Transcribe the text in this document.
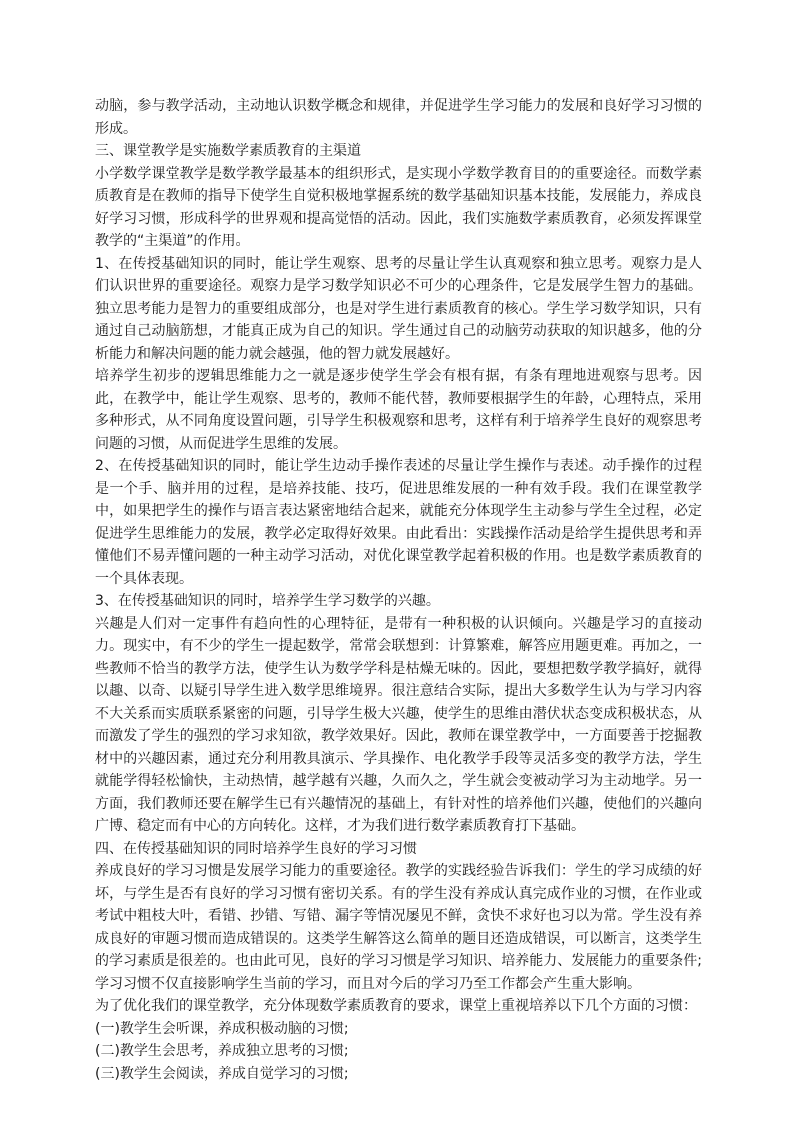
动脑，参与教学活动，主动地认识数学概念和规律，并促进学生学习能力的发展和良好学习习惯的形成。

三、课堂教学是实施数学素质教育的主渠道

小学数学课堂教学是数学教学最基本的组织形式，是实现小学数学教育目的的重要途径。而数学素质教育是在教师的指导下使学生自觉积极地掌握系统的数学基础知识基本技能，发展能力，养成良好学习习惯，形成科学的世界观和提高觉悟的活动。因此，我们实施数学素质教育，必须发挥课堂教学的“主渠道”的作用。

1、在传授基础知识的同时，能让学生观察、思考的尽量让学生认真观察和独立思考。观察力是人们认识世界的重要途径。观察力是学习数学知识必不可少的心理条件，它是发展学生智力的基础。独立思考能力是智力的重要组成部分，也是对学生进行素质教育的核心。学生学习数学知识，只有通过自己动脑筋想，才能真正成为自己的知识。学生通过自己的动脑劳动获取的知识越多，他的分析能力和解决问题的能力就会越强，他的智力就发展越好。

培养学生初步的逻辑思维能力之一就是逐步使学生学会有根有据，有条有理地进观察与思考。因此，在教学中，能让学生观察、思考的，教师不能代替，教师要根据学生的年龄，心理特点，采用多种形式，从不同角度设置问题，引导学生积极观察和思考，这样有利于培养学生良好的观察思考问题的习惯，从而促进学生思维的发展。

2、在传授基础知识的同时，能让学生边动手操作表述的尽量让学生操作与表述。动手操作的过程是一个手、脑并用的过程，是培养技能、技巧，促进思维发展的一种有效手段。我们在课堂教学中，如果把学生的操作与语言表达紧密地结合起来，就能充分体现学生主动参与学生全过程，必定促进学生思维能力的发展，教学必定取得好效果。由此看出：实践操作活动是给学生提供思考和弄懂他们不易弄懂问题的一种主动学习活动，对优化课堂教学起着积极的作用。也是数学素质教育的一个具体表现。

3、在传授基础知识的同时，培养学生学习数学的兴趣。

兴趣是人们对一定事件有趋向性的心理特征，是带有一种积极的认识倾向。兴趣是学习的直接动力。现实中，有不少的学生一提起数学，常常会联想到：计算繁难，解答应用题更难。再加之，一些教师不恰当的教学方法，使学生认为数学学科是枯燥无味的。因此，要想把数学教学搞好，就得以趣、以奇、以疑引导学生进入数学思维境界。很注意结合实际，提出大多数学生认为与学习内容不大关系而实质联系紧密的问题，引导学生极大兴趣，使学生的思维由潜伏状态变成积极状态，从而激发了学生的强烈的学习求知欲，教学效果好。因此，教师在课堂教学中，一方面要善于挖掘教材中的兴趣因素，通过充分利用教具演示、学具操作、电化教学手段等灵活多变的教学方法，学生就能学得轻松愉快，主动热情，越学越有兴趣，久而久之，学生就会变被动学习为主动地学。另一方面，我们教师还要在解学生已有兴趣情况的基础上，有针对性的培养他们兴趣，使他们的兴趣向广博、稳定而有中心的方向转化。这样，才为我们进行数学素质教育打下基础。

四、在传授基础知识的同时培养学生良好的学习习惯

养成良好的学习习惯是发展学习能力的重要途径。教学的实践经验告诉我们：学生的学习成绩的好坏，与学生是否有良好的学习习惯有密切关系。有的学生没有养成认真完成作业的习惯，在作业或考试中粗枝大叶，看错、抄错、写错、漏字等情况屡见不鲜，贪快不求好也习以为常。学生没有养成良好的审题习惯而造成错误的。这类学生解答这么简单的题目还造成错误，可以断言，这类学生的学习素质是很差的。也由此可见，良好的学习习惯是学习知识、培养能力、发展能力的重要条件;学习习惯不仅直接影响学生当前的学习，而且对今后的学习乃至工作都会产生重大影响。

为了优化我们的课堂教学，充分体现数学素质教育的要求，课堂上重视培养以下几个方面的习惯：

(一)教学生会听课，养成积极动脑的习惯;

(二)教学生会思考，养成独立思考的习惯;

(三)教学生会阅读，养成自觉学习的习惯;
